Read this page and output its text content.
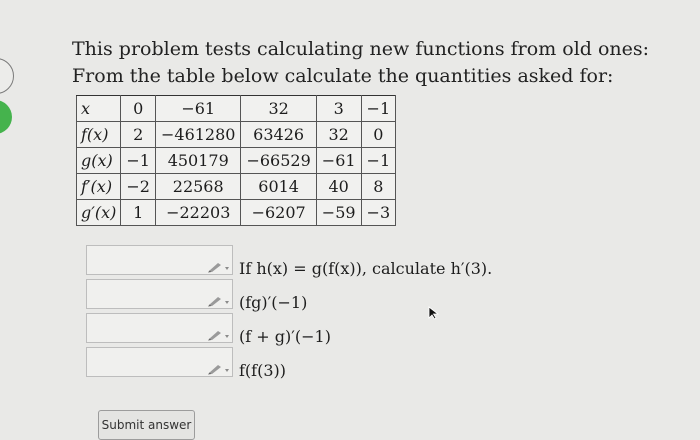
This problem tests calculating new functions from old ones:
From the table below calculate the quantities asked for:
x	0	−61	32	3	−1
f(x)	2	−461280	63426	32	0
g(x)	−1	450179	−66529	−61	−1
f′(x)	−2	22568	6014	40	8
g′(x)	1	−22203	−6207	−59	−3
If h(x) = g(f(x)), calculate h′(3).
(fg)′(−1)
(f + g)′(−1)
f(f(3))
Submit answer
